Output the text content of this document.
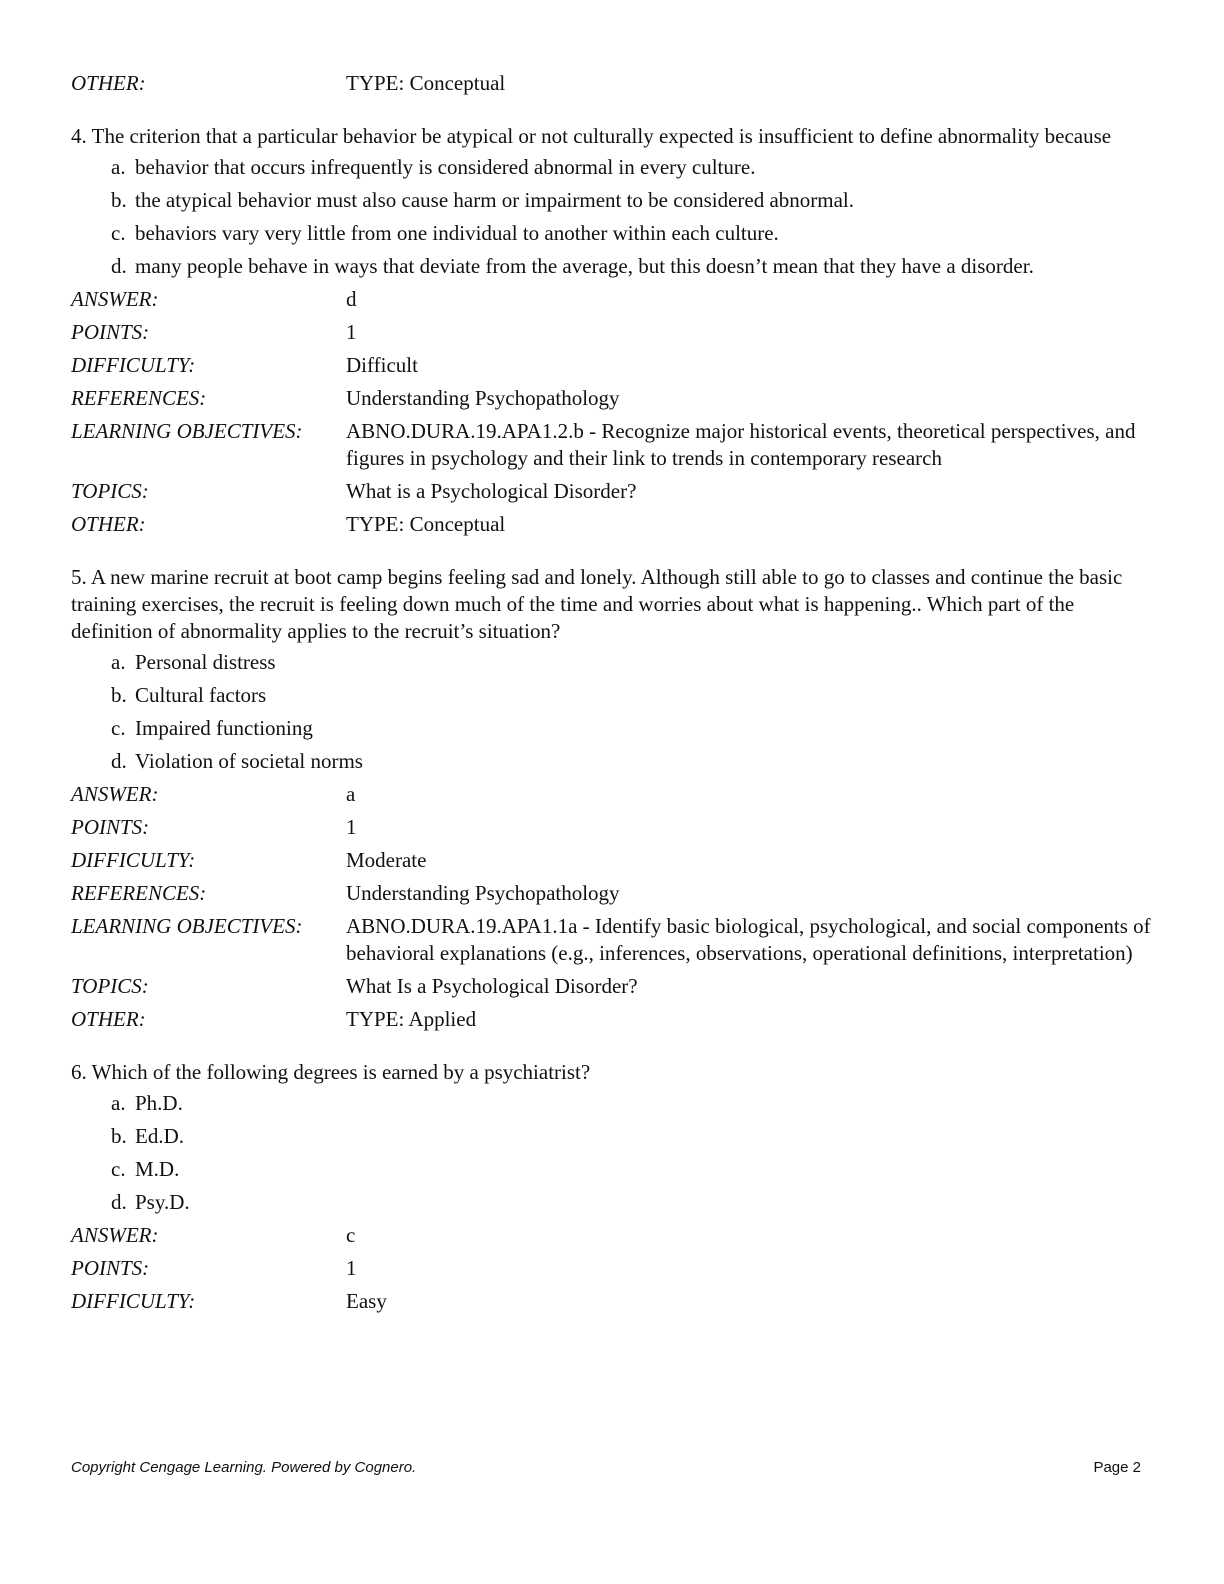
OTHER:	TYPE: Conceptual
4. The criterion that a particular behavior be atypical or not culturally expected is insufficient to define abnormality because
a. behavior that occurs infrequently is considered abnormal in every culture.
b. the atypical behavior must also cause harm or impairment to be considered abnormal.
c. behaviors vary very little from one individual to another within each culture.
d. many people behave in ways that deviate from the average, but this doesn’t mean that they have a disorder.
ANSWER:	d
POINTS:	1
DIFFICULTY:	Difficult
REFERENCES:	Understanding Psychopathology
LEARNING OBJECTIVES:	ABNO.DURA.19.APA1.2.b - Recognize major historical events, theoretical perspectives, and figures in psychology and their link to trends in contemporary research
TOPICS:	What is a Psychological Disorder?
OTHER:	TYPE: Conceptual
5. A new marine recruit at boot camp begins feeling sad and lonely. Although still able to go to classes and continue the basic training exercises, the recruit is feeling down much of the time and worries about what is happening.. Which part of the definition of abnormality applies to the recruit’s situation?
a. Personal distress
b. Cultural factors
c. Impaired functioning
d. Violation of societal norms
ANSWER:	a
POINTS:	1
DIFFICULTY:	Moderate
REFERENCES:	Understanding Psychopathology
LEARNING OBJECTIVES:	ABNO.DURA.19.APA1.1a - Identify basic biological, psychological, and social components of behavioral explanations (e.g., inferences, observations, operational definitions, interpretation)
TOPICS:	What Is a Psychological Disorder?
OTHER:	TYPE: Applied
6. Which of the following degrees is earned by a psychiatrist?
a. Ph.D.
b. Ed.D.
c. M.D.
d. Psy.D.
ANSWER:	c
POINTS:	1
DIFFICULTY:	Easy
Copyright Cengage Learning. Powered by Cognero.	Page 2
